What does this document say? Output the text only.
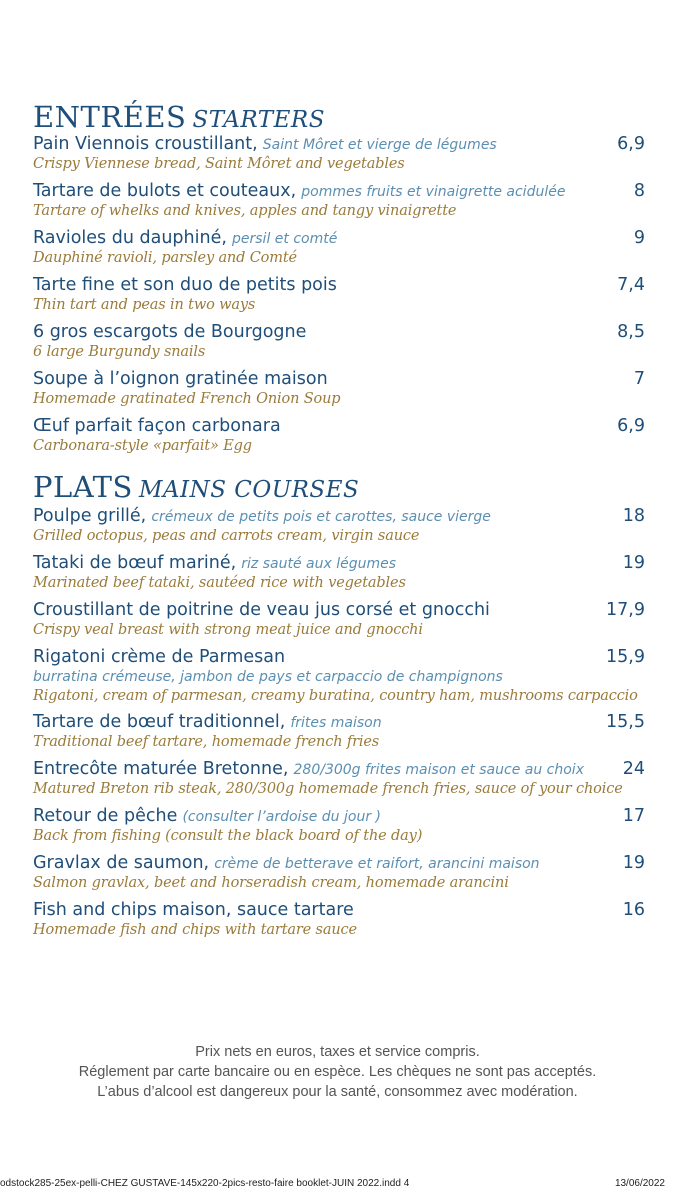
ENTRÉES STARTERS
Pain Viennois croustillant, Saint Môret et vierge de légumes	6,9
Crispy Viennese bread, Saint Môret and vegetables
Tartare de bulots et couteaux, pommes fruits et vinaigrette acidulée	8
Tartare of whelks and knives, apples and tangy vinaigrette
Ravioles du dauphiné, persil et comté	9
Dauphiné ravioli, parsley and Comté
Tarte fine et son duo de petits pois	7,4
Thin tart and peas in two ways
6 gros escargots de Bourgogne	8,5
6 large Burgundy snails
Soupe à l’oignon gratinée maison	7
Homemade gratinated French Onion Soup
Œuf parfait façon carbonara	6,9
Carbonara-style «parfait» Egg
PLATS MAINS COURSES
Poulpe grillé, crémeux de petits pois et carottes, sauce vierge	18
Grilled octopus, peas and carrots cream, virgin sauce
Tataki de bœuf mariné, riz sauté aux légumes	19
Marinated beef tataki, sautéed rice with vegetables
Croustillant de poitrine de veau jus corsé et gnocchi	17,9
Crispy veal breast with strong meat juice and gnocchi
Rigatoni crème de Parmesan	15,9
burratina crémeuse, jambon de pays et carpaccio de champignons
Rigatoni, cream of parmesan, creamy buratina, country ham, mushrooms carpaccio
Tartare de bœuf traditionnel, frites maison	15,5
Traditional beef tartare, homemade french fries
Entrecôte maturée Bretonne, 280/300g frites maison et sauce au choix 24
Matured Breton rib steak, 280/300g homemade french fries, sauce of your choice
Retour de pêche (consulter l’ardoise du jour )	17
Back from fishing (consult the black board of the day)
Gravlax de saumon, crème de betterave et raifort, arancini maison	19
Salmon gravlax, beet and horseradish cream, homemade arancini
Fish and chips maison, sauce tartare	16
Homemade fish and chips with tartare sauce
Prix nets en euros, taxes et service compris.
Réglement par carte bancaire ou en espèce. Les chèques ne sont pas acceptés.
L’abus d’alcool est dangereux pour la santé, consommez avec modération.
odstock285-25ex-pelli-CHEZ GUSTAVE-145x220-2pics-resto-faire booklet-JUIN 2022.indd 4	13/06/2022
